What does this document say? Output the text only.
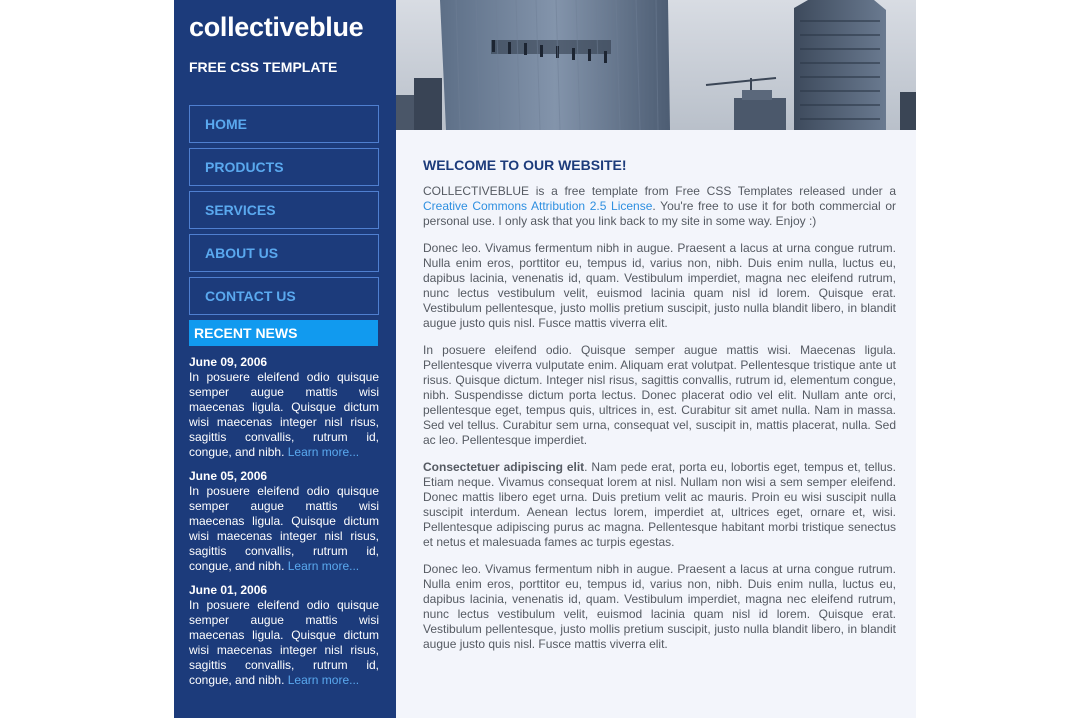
collectiveblue
FREE CSS TEMPLATE
HOME
PRODUCTS
SERVICES
ABOUT US
CONTACT US
RECENT NEWS
June 09, 2006
In posuere eleifend odio quisque semper augue mattis wisi maecenas ligula. Quisque dictum wisi maecenas integer nisl risus, sagittis convallis, rutrum id, congue, and nibh. Learn more...
June 05, 2006
In posuere eleifend odio quisque semper augue mattis wisi maecenas ligula. Quisque dictum wisi maecenas integer nisl risus, sagittis convallis, rutrum id, congue, and nibh. Learn more...
June 01, 2006
In posuere eleifend odio quisque semper augue mattis wisi maecenas ligula. Quisque dictum wisi maecenas integer nisl risus, sagittis convallis, rutrum id, congue, and nibh. Learn more...
WELCOME TO OUR WEBSITE!

COLLECTIVEBLUE is a free template from Free CSS Templates released under a Creative Commons Attribution 2.5 License. You're free to use it for both commercial or personal use. I only ask that you link back to my site in some way. Enjoy :)

Donec leo. Vivamus fermentum nibh in augue. Praesent a lacus at urna congue rutrum. Nulla enim eros, porttitor eu, tempus id, varius non, nibh. Duis enim nulla, luctus eu, dapibus lacinia, venenatis id, quam. Vestibulum imperdiet, magna nec eleifend rutrum, nunc lectus vestibulum velit, euismod lacinia quam nisl id lorem. Quisque erat. Vestibulum pellentesque, justo mollis pretium suscipit, justo nulla blandit libero, in blandit augue justo quis nisl. Fusce mattis viverra elit.

In posuere eleifend odio. Quisque semper augue mattis wisi. Maecenas ligula. Pellentesque viverra vulputate enim. Aliquam erat volutpat. Pellentesque tristique ante ut risus. Quisque dictum. Integer nisl risus, sagittis convallis, rutrum id, elementum congue, nibh. Suspendisse dictum porta lectus. Donec placerat odio vel elit. Nullam ante orci, pellentesque eget, tempus quis, ultrices in, est. Curabitur sit amet nulla. Nam in massa. Sed vel tellus. Curabitur sem urna, consequat vel, suscipit in, mattis placerat, nulla. Sed ac leo. Pellentesque imperdiet.

Consectetuer adipiscing elit. Nam pede erat, porta eu, lobortis eget, tempus et, tellus. Etiam neque. Vivamus consequat lorem at nisl. Nullam non wisi a sem semper eleifend. Donec mattis libero eget urna. Duis pretium velit ac mauris. Proin eu wisi suscipit nulla suscipit interdum. Aenean lectus lorem, imperdiet at, ultrices eget, ornare et, wisi. Pellentesque adipiscing purus ac magna. Pellentesque habitant morbi tristique senectus et netus et malesuada fames ac turpis egestas.

Donec leo. Vivamus fermentum nibh in augue. Praesent a lacus at urna congue rutrum. Nulla enim eros, porttitor eu, tempus id, varius non, nibh. Duis enim nulla, luctus eu, dapibus lacinia, venenatis id, quam. Vestibulum imperdiet, magna nec eleifend rutrum, nunc lectus vestibulum velit, euismod lacinia quam nisl id lorem. Quisque erat. Vestibulum pellentesque, justo mollis pretium suscipit, justo nulla blandit libero, in blandit augue justo quis nisl. Fusce mattis viverra elit.
